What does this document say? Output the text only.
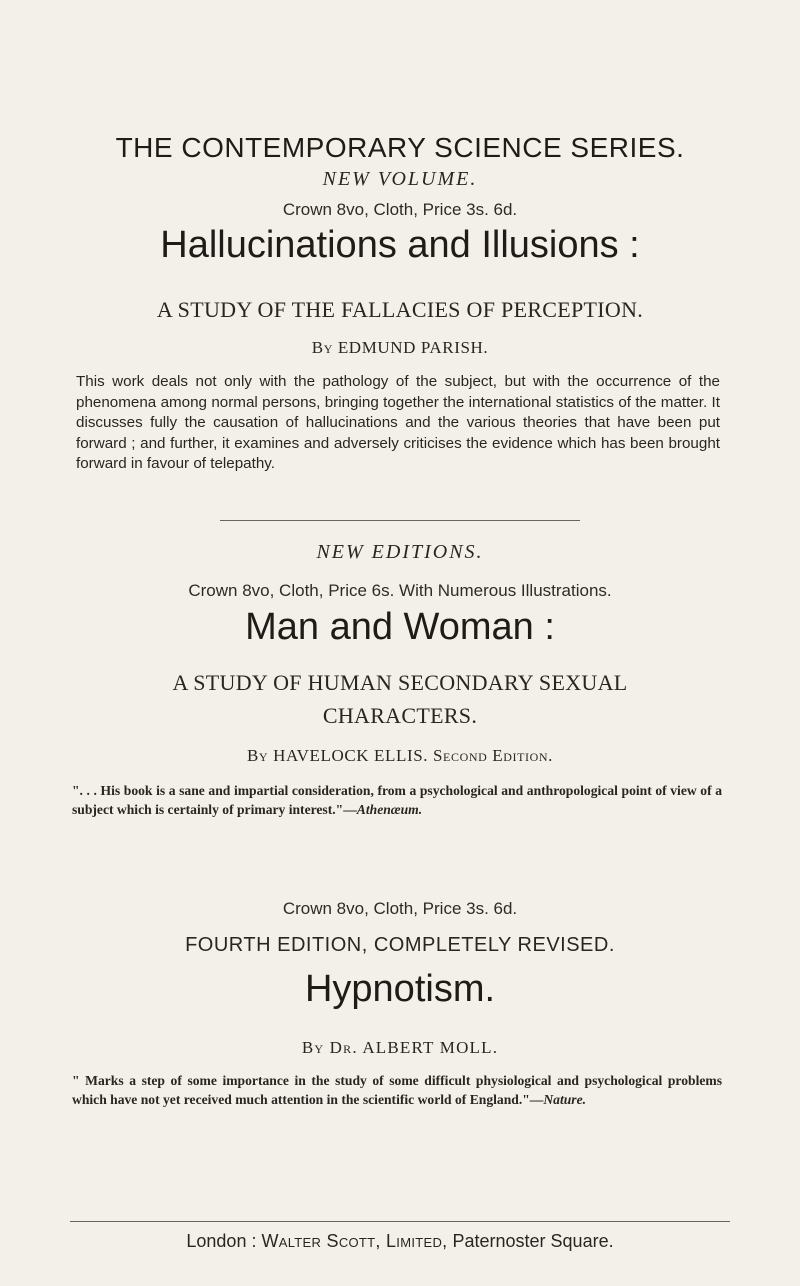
THE CONTEMPORARY SCIENCE SERIES.
NEW VOLUME.
Crown 8vo, Cloth, Price 3s. 6d.
Hallucinations and Illusions :
A STUDY OF THE FALLACIES OF PERCEPTION.
By EDMUND PARISH.
This work deals not only with the pathology of the subject, but with the occurrence of the phenomena among normal persons, bringing together the international statistics of the matter. It discusses fully the causation of hallucinations and the various theories that have been put forward ; and further, it examines and adversely criticises the evidence which has been brought forward in favour of telepathy.
NEW EDITIONS.
Crown 8vo, Cloth, Price 6s. With Numerous Illustrations.
Man and Woman :
A STUDY OF HUMAN SECONDARY SEXUAL
CHARACTERS.
By HAVELOCK ELLIS. Second Edition.
". . . His book is a sane and impartial consideration, from a psychological and anthropological point of view of a subject which is certainly of primary interest."—Athenæum.
Crown 8vo, Cloth, Price 3s. 6d.
FOURTH EDITION, COMPLETELY REVISED.
Hypnotism.
By Dr. ALBERT MOLL.
" Marks a step of some importance in the study of some difficult physiological and psychological problems which have not yet received much attention in the scientific world of England."—Nature.
London : Walter Scott, Limited, Paternoster Square.
